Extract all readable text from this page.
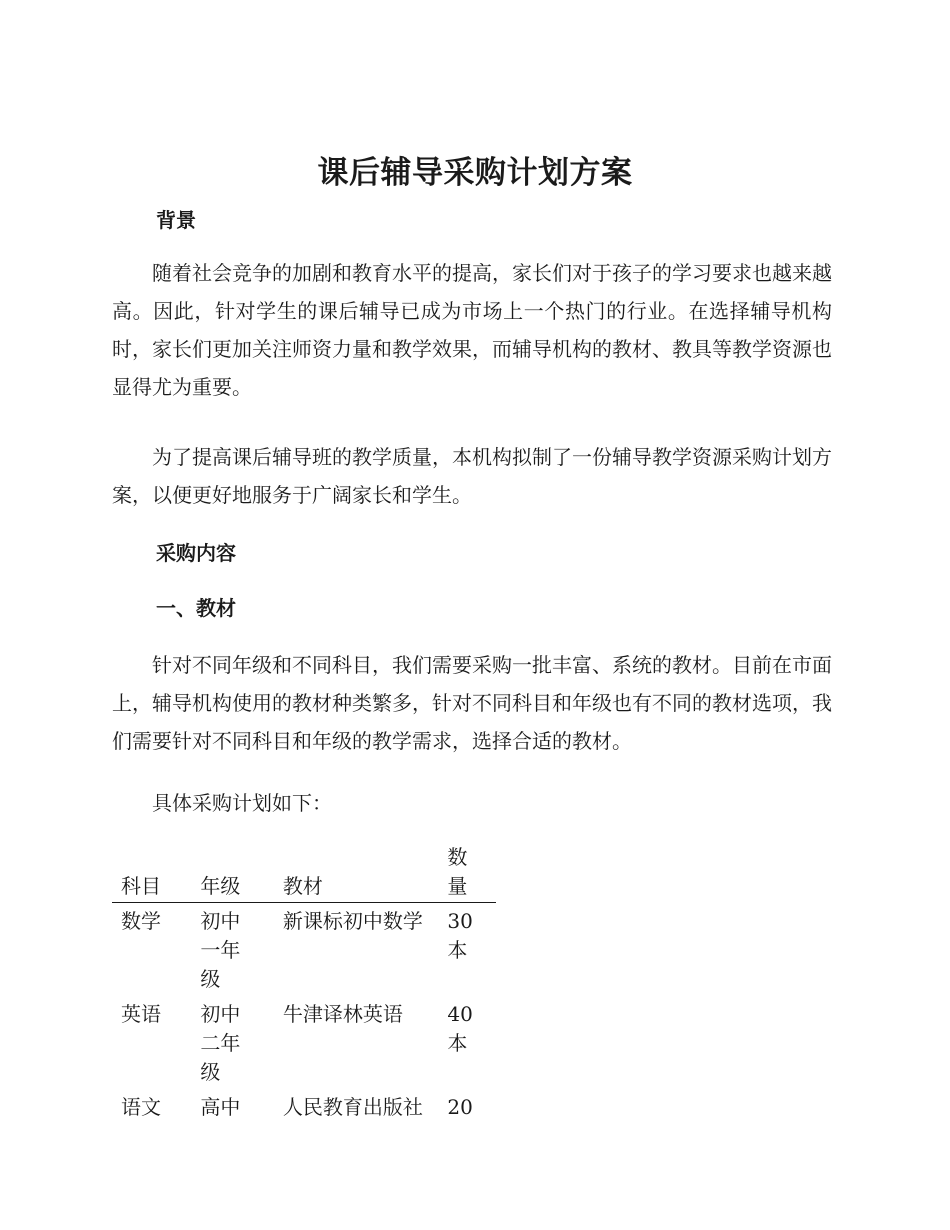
课后辅导采购计划方案
背景

随着社会竞争的加剧和教育水平的提高，家长们对于孩子的学习要求也越来越高。因此，针对学生的课后辅导已成为市场上一个热门的行业。在选择辅导机构时，家长们更加关注师资力量和教学效果，而辅导机构的教材、教具等教学资源也显得尤为重要。

为了提高课后辅导班的教学质量，本机构拟制了一份辅导教学资源采购计划方案，以便更好地服务于广阔家长和学生。

采购内容
一、教材

针对不同年级和不同科目，我们需要采购一批丰富、系统的教材。目前在市面上，辅导机构使用的教材种类繁多，针对不同科目和年级也有不同的教材选项，我们需要针对不同科目和年级的教学需求，选择合适的教材。

具体采购计划如下：

科目	年级	教材	数量
数学	初中一年级	新课标初中数学	30本
英语	初中二年级	牛津译林英语	40本
语文	高中	人民教育出版社	20
